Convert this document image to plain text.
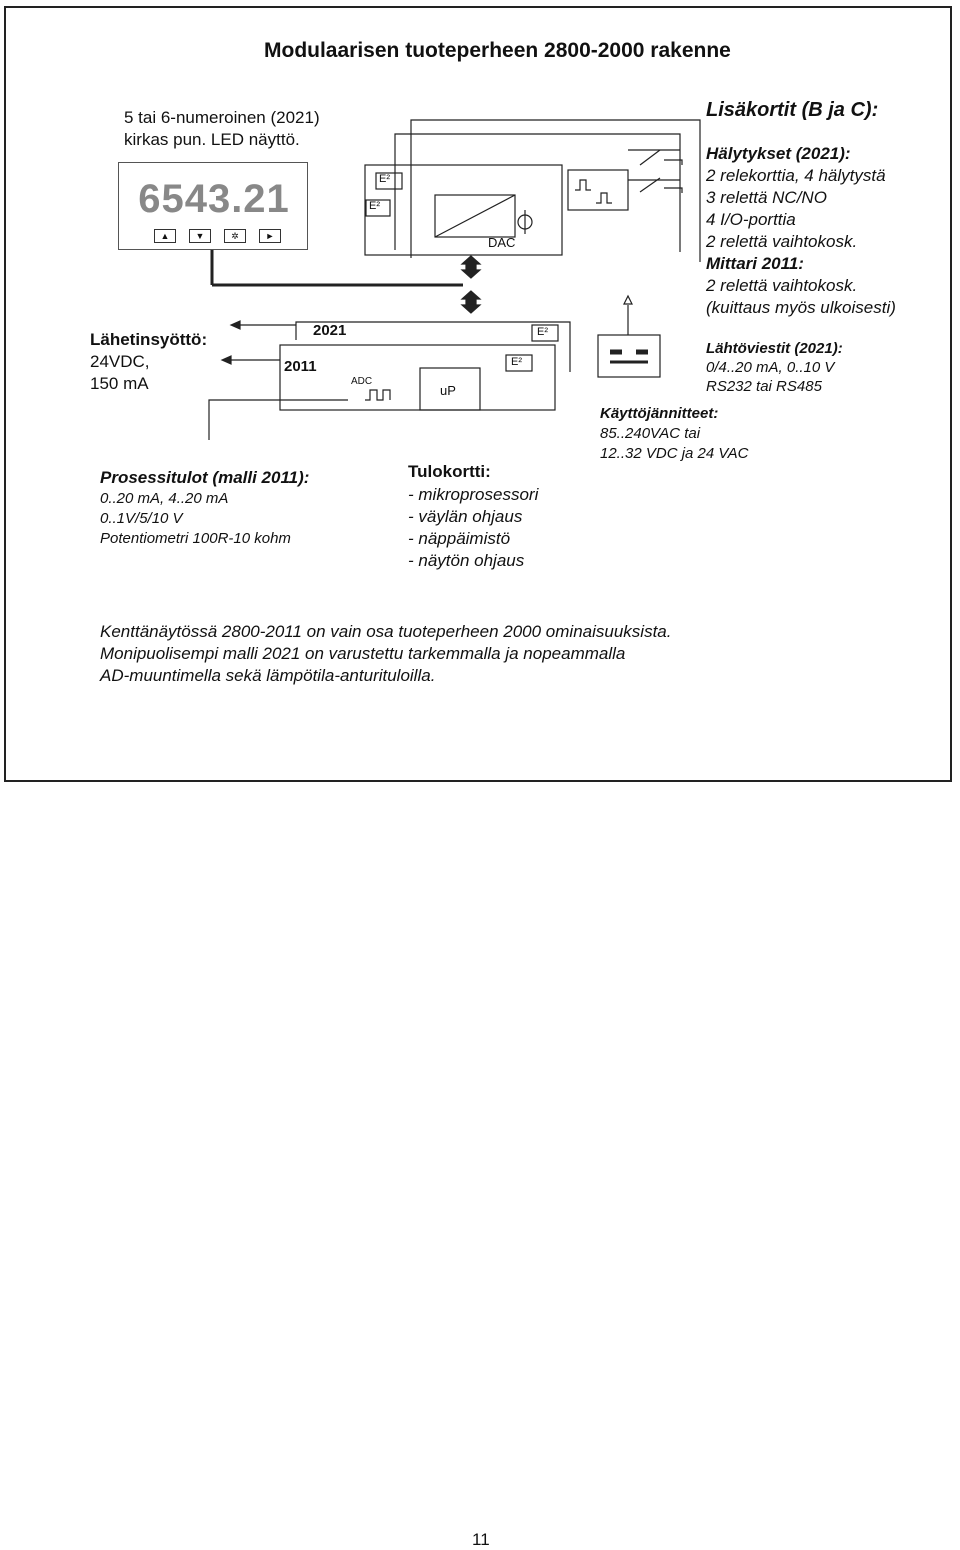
Modulaarisen tuoteperheen 2800-2000 rakenne
5 tai 6-numeroinen (2021)
kirkas pun. LED näyttö.
6543.21
▲	▼	✲	►
E²
E²
E²
E²
DAC
ADC
uP
2021
2011
Lähetinsyöttö:
24VDC,
150 mA
Prosessitulot (malli 2011):
0..20 mA, 4..20 mA
0..1V/5/10 V
Potentiometri 100R-10 kohm
Tulokortti:
- mikroprosessori
- väylän ohjaus
- näppäimistö
- näytön ohjaus
Lisäkortit (B ja C):
Hälytykset (2021):
2 relekorttia, 4 hälytystä
3 relettä NC/NO
4 I/O-porttia
2 relettä vaihtokosk.
Mittari 2011:
2 relettä vaihtokosk.
(kuittaus myös ulkoisesti)
Lähtöviestit (2021):
0/4..20 mA, 0..10 V
RS232 tai RS485
Käyttöjännitteet:
85..240VAC tai
12..32 VDC ja 24 VAC
Kenttänäytössä 2800-2011 on vain osa tuoteperheen 2000 ominaisuuksista.
Monipuolisempi malli 2021 on varustettu tarkemmalla ja nopeammalla
AD-muuntimella sekä lämpötila-anturituloilla.
11
